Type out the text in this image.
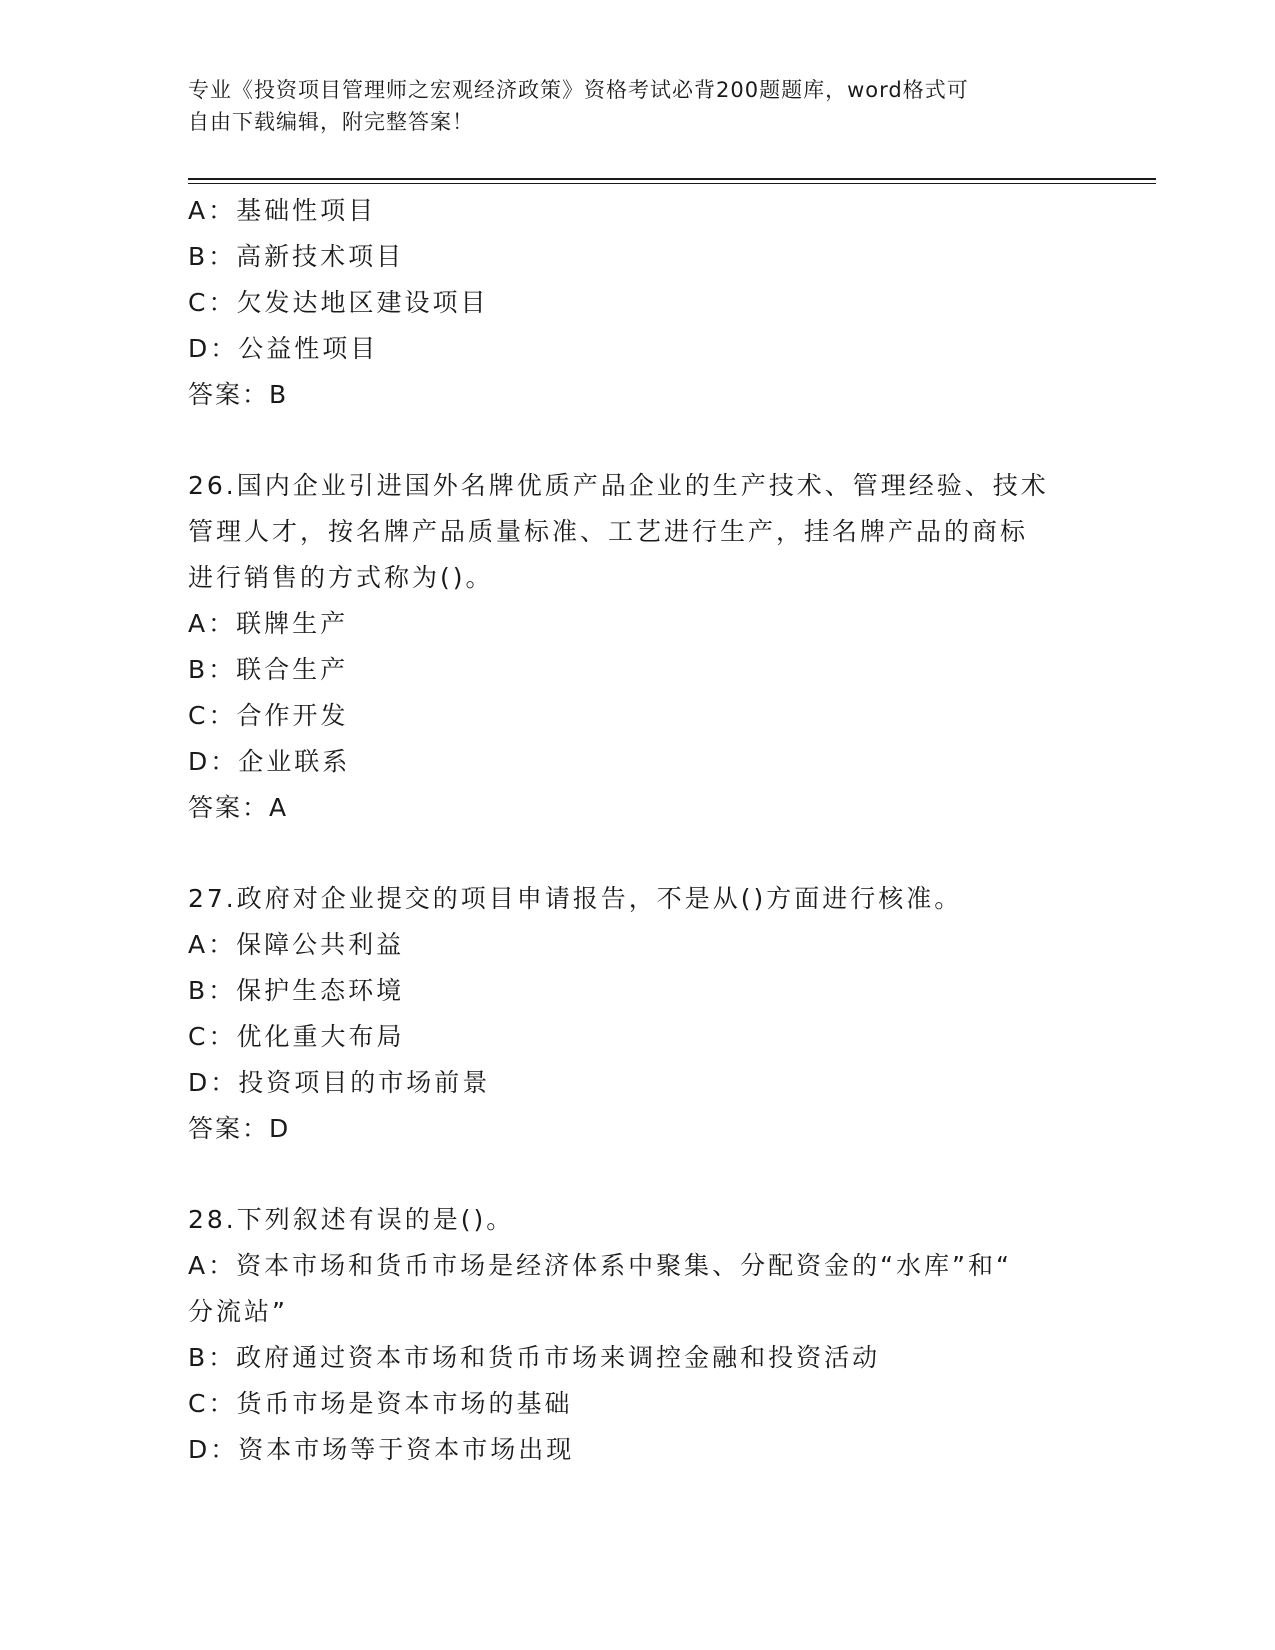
专业《投资项目管理师之宏观经济政策》资格考试必背200题题库，word格式可
自由下载编辑，附完整答案！
A：基础性项目
B：高新技术项目
C：欠发达地区建设项目
D：公益性项目
答案：B
26.国内企业引进国外名牌优质产品企业的生产技术、管理经验、技术
管理人才，按名牌产品质量标准、工艺进行生产，挂名牌产品的商标
进行销售的方式称为()。
A：联牌生产
B：联合生产
C：合作开发
D：企业联系
答案：A
27.政府对企业提交的项目申请报告，不是从()方面进行核准。
A：保障公共利益
B：保护生态环境
C：优化重大布局
D：投资项目的市场前景
答案：D
28.下列叙述有误的是()。
A：资本市场和货币市场是经济体系中聚集、分配资金的“水库”和“
分流站”
B：政府通过资本市场和货币市场来调控金融和投资活动
C：货币市场是资本市场的基础
D：资本市场等于资本市场出现
